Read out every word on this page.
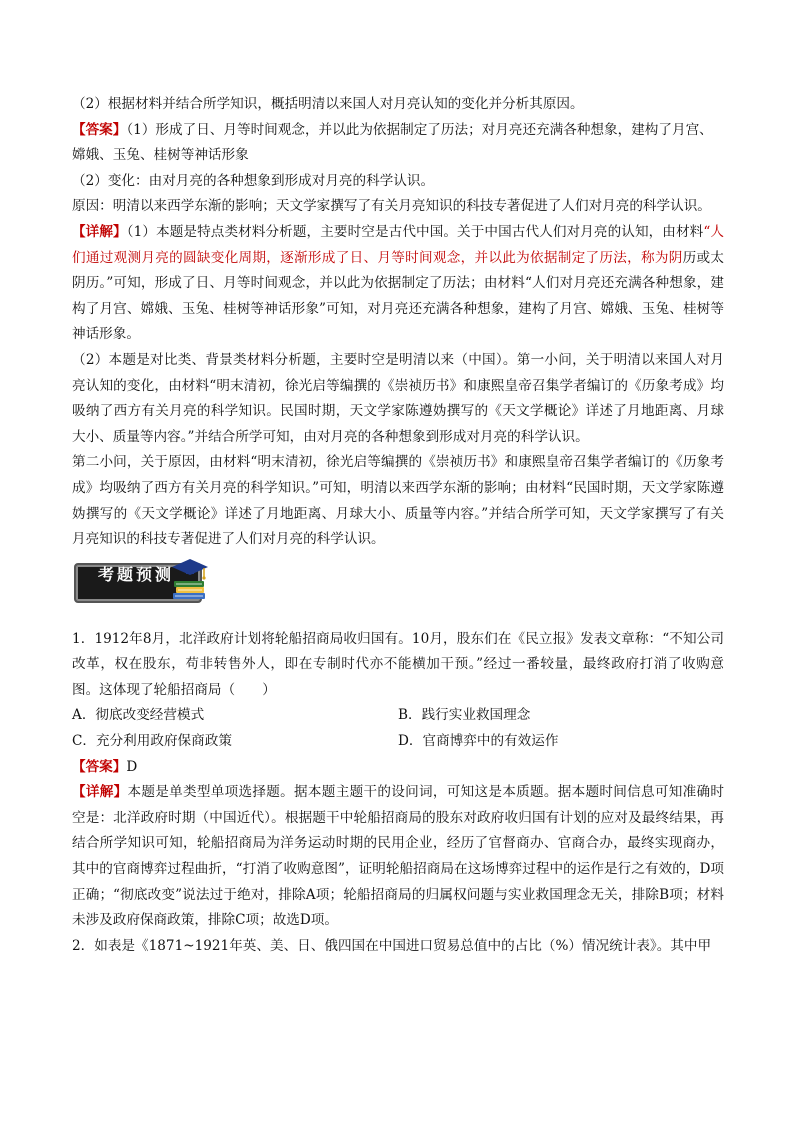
（2）根据材料并结合所学知识，概括明清以来国人对月亮认知的变化并分析其原因。

【答案】（1）形成了日、月等时间观念，并以此为依据制定了历法；对月亮还充满各种想象，建构了月宫、

嫦娥、玉兔、桂树等神话形象

（2）变化：由对月亮的各种想象到形成对月亮的科学认识。

原因：明清以来西学东渐的影响；天文学家撰写了有关月亮知识的科技专著促进了人们对月亮的科学认识。

【详解】（1）本题是特点类材料分析题，主要时空是古代中国。关于中国古代人们对月亮的认知，由材料“人们通过观测月亮的圆缺变化周期，逐渐形成了日、月等时间观念，并以此为依据制定了历法，称为阴历或太阴历。”可知，形成了日、月等时间观念，并以此为依据制定了历法；由材料“人们对月亮还充满各种想象，建构了月宫、嫦娥、玉兔、桂树等神话形象”可知，对月亮还充满各种想象，建构了月宫、嫦娥、玉兔、桂树等神话形象。

（2）本题是对比类、背景类材料分析题，主要时空是明清以来（中国）。第一小问，关于明清以来国人对月亮认知的变化，由材料“明末清初，徐光启等编撰的《崇祯历书》和康熙皇帝召集学者编订的《历象考成》均吸纳了西方有关月亮的科学知识。民国时期，天文学家陈遵妫撰写的《天文学概论》详述了月地距离、月球大小、质量等内容。”并结合所学可知，由对月亮的各种想象到形成对月亮的科学认识。

第二小问，关于原因，由材料“明末清初，徐光启等编撰的《崇祯历书》和康熙皇帝召集学者编订的《历象考成》均吸纳了西方有关月亮的科学知识。”可知，明清以来西学东渐的影响；由材料“民国时期，天文学家陈遵妫撰写的《天文学概论》详述了月地距离、月球大小、质量等内容。”并结合所学可知，天文学家撰写了有关月亮知识的科技专著促进了人们对月亮的科学认识。

考题预测

1．1912年8月，北洋政府计划将轮船招商局收归国有。10月，股东们在《民立报》发表文章称：“不知公司改革，权在股东，苟非转售外人，即在专制时代亦不能横加干预。”经过一番较量，最终政府打消了收购意图。这体现了轮船招商局（　　）

A．彻底改变经营模式	B．践行实业救国理念
C．充分利用政府保商政策	D．官商博弈中的有效运作

【答案】D

【详解】本题是单类型单项选择题。据本题主题干的设问词，可知这是本质题。据本题时间信息可知准确时空是：北洋政府时期（中国近代）。根据题干中轮船招商局的股东对政府收归国有计划的应对及最终结果，再结合所学知识可知，轮船招商局为洋务运动时期的民用企业，经历了官督商办、官商合办，最终实现商办，其中的官商博弈过程曲折，“打消了收购意图”，证明轮船招商局在这场博弈过程中的运作是行之有效的，D项正确；“彻底改变”说法过于绝对，排除A项；轮船招商局的归属权问题与实业救国理念无关，排除B项；材料未涉及政府保商政策，排除C项；故选D项。

2．如表是《1871~1921年英、美、日、俄四国在中国进口贸易总值中的占比（%）情况统计表》。其中甲
